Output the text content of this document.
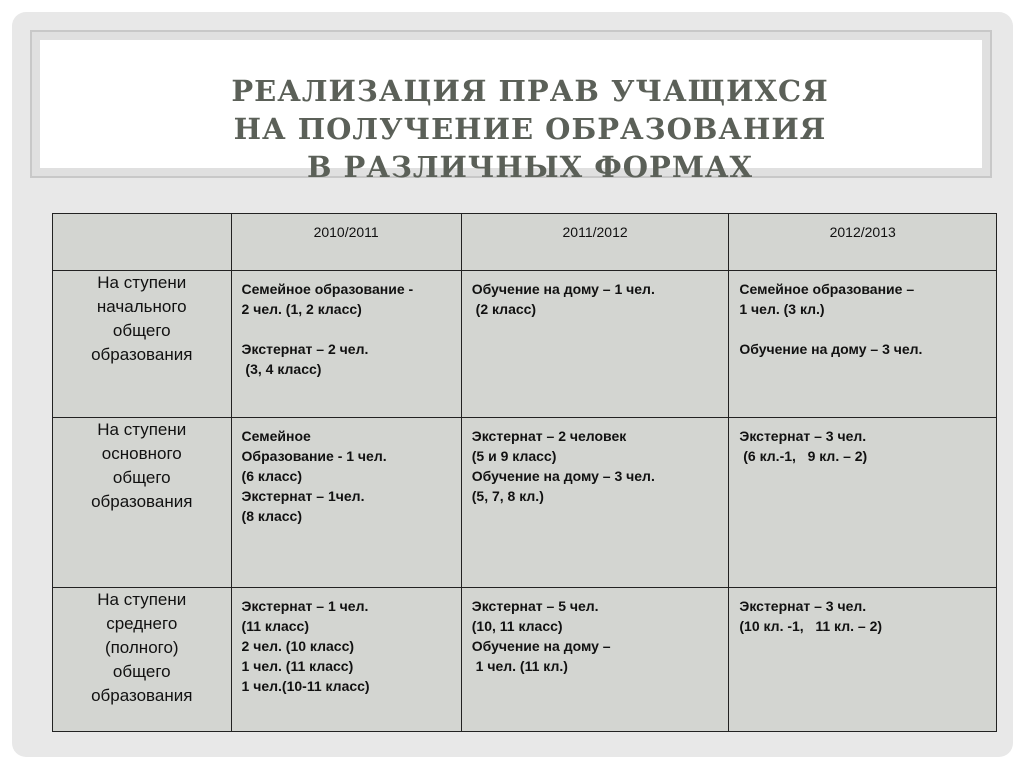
РЕАЛИЗАЦИЯ ПРАВ УЧАЩИХСЯ
НА ПОЛУЧЕНИЕ ОБРАЗОВАНИЯ
В РАЗЛИЧНЫХ ФОРМАХ
	2010/2011	2011/2012	2012/2013

На ступени
начального
общего
образования	Семейное образование -
2 чел. (1, 2 класс)

Экстернат – 2 чел.
(3, 4 класс)	Обучение на дому – 1 чел.
(2 класс)	Семейное образование –
1 чел. (3 кл.)

Обучение на дому – 3 чел.

На ступени
основного
общего
образования	Семейное
Образование - 1 чел.
(6 класс)
Экстернат – 1чел.
(8 класс)	Экстернат – 2 человек
(5 и 9 класс)
Обучение на дому – 3 чел.
(5, 7, 8 кл.)	Экстернат – 3 чел.
(6 кл.-1,   9 кл. – 2)

На ступени
среднего
(полного)
общего
образования	Экстернат – 1 чел.
(11 класс)
2 чел. (10 класс)
1 чел. (11 класс)
1 чел.(10-11 класс)	Экстернат – 5 чел.
(10, 11 класс)
Обучение на дому –
1 чел. (11 кл.)	Экстернат – 3 чел.
(10 кл. -1,   11 кл. – 2)
